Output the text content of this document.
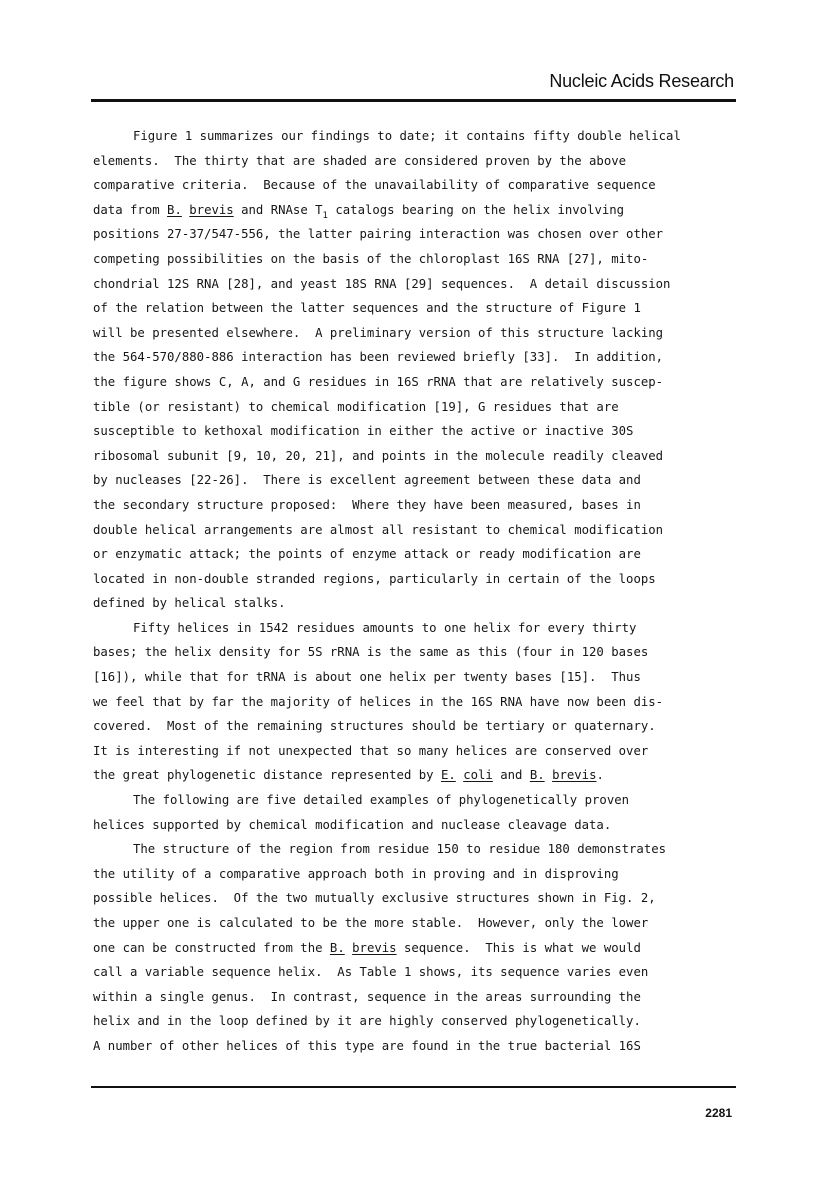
Nucleic Acids Research
Figure 1 summarizes our findings to date; it contains fifty double helical
elements.  The thirty that are shaded are considered proven by the above
comparative criteria.  Because of the unavailability of comparative sequence
data from B. brevis and RNAse $T_1$ catalogs bearing on the helix involving
positions 27-37/547-556, the latter pairing interaction was chosen over other
competing possibilities on the basis of the chloroplast 16S RNA [27], mito-
chondrial 12S RNA [28], and yeast 18S RNA [29] sequences.  A detail discussion
of the relation between the latter sequences and the structure of Figure 1
will be presented elsewhere.  A preliminary version of this structure lacking
the 564-570/880-886 interaction has been reviewed briefly [33].  In addition,
the figure shows C, A, and G residues in 16S rRNA that are relatively suscep-
tible (or resistant) to chemical modification [19], G residues that are
susceptible to kethoxal modification in either the active or inactive 30S
ribosomal subunit [9, 10, 20, 21], and points in the molecule readily cleaved
by nucleases [22-26].  There is excellent agreement between these data and
the secondary structure proposed:  Where they have been measured, bases in
double helical arrangements are almost all resistant to chemical modification
or enzymatic attack; the points of enzyme attack or ready modification are
located in non-double stranded regions, particularly in certain of the loops
defined by helical stalks.
Fifty helices in 1542 residues amounts to one helix for every thirty
bases; the helix density for 5S rRNA is the same as this (four in 120 bases
[16]), while that for tRNA is about one helix per twenty bases [15].  Thus
we feel that by far the majority of helices in the 16S RNA have now been dis-
covered.  Most of the remaining structures should be tertiary or quaternary.
It is interesting if not unexpected that so many helices are conserved over
the great phylogenetic distance represented by E. coli and B. brevis.
The following are five detailed examples of phylogenetically proven
helices supported by chemical modification and nuclease cleavage data.
The structure of the region from residue 150 to residue 180 demonstrates
the utility of a comparative approach both in proving and in disproving
possible helices.  Of the two mutually exclusive structures shown in Fig. 2,
the upper one is calculated to be the more stable.  However, only the lower
one can be constructed from the B. brevis sequence.  This is what we would
call a variable sequence helix.  As Table 1 shows, its sequence varies even
within a single genus.  In contrast, sequence in the areas surrounding the
helix and in the loop defined by it are highly conserved phylogenetically.
A number of other helices of this type are found in the true bacterial 16S
2281
